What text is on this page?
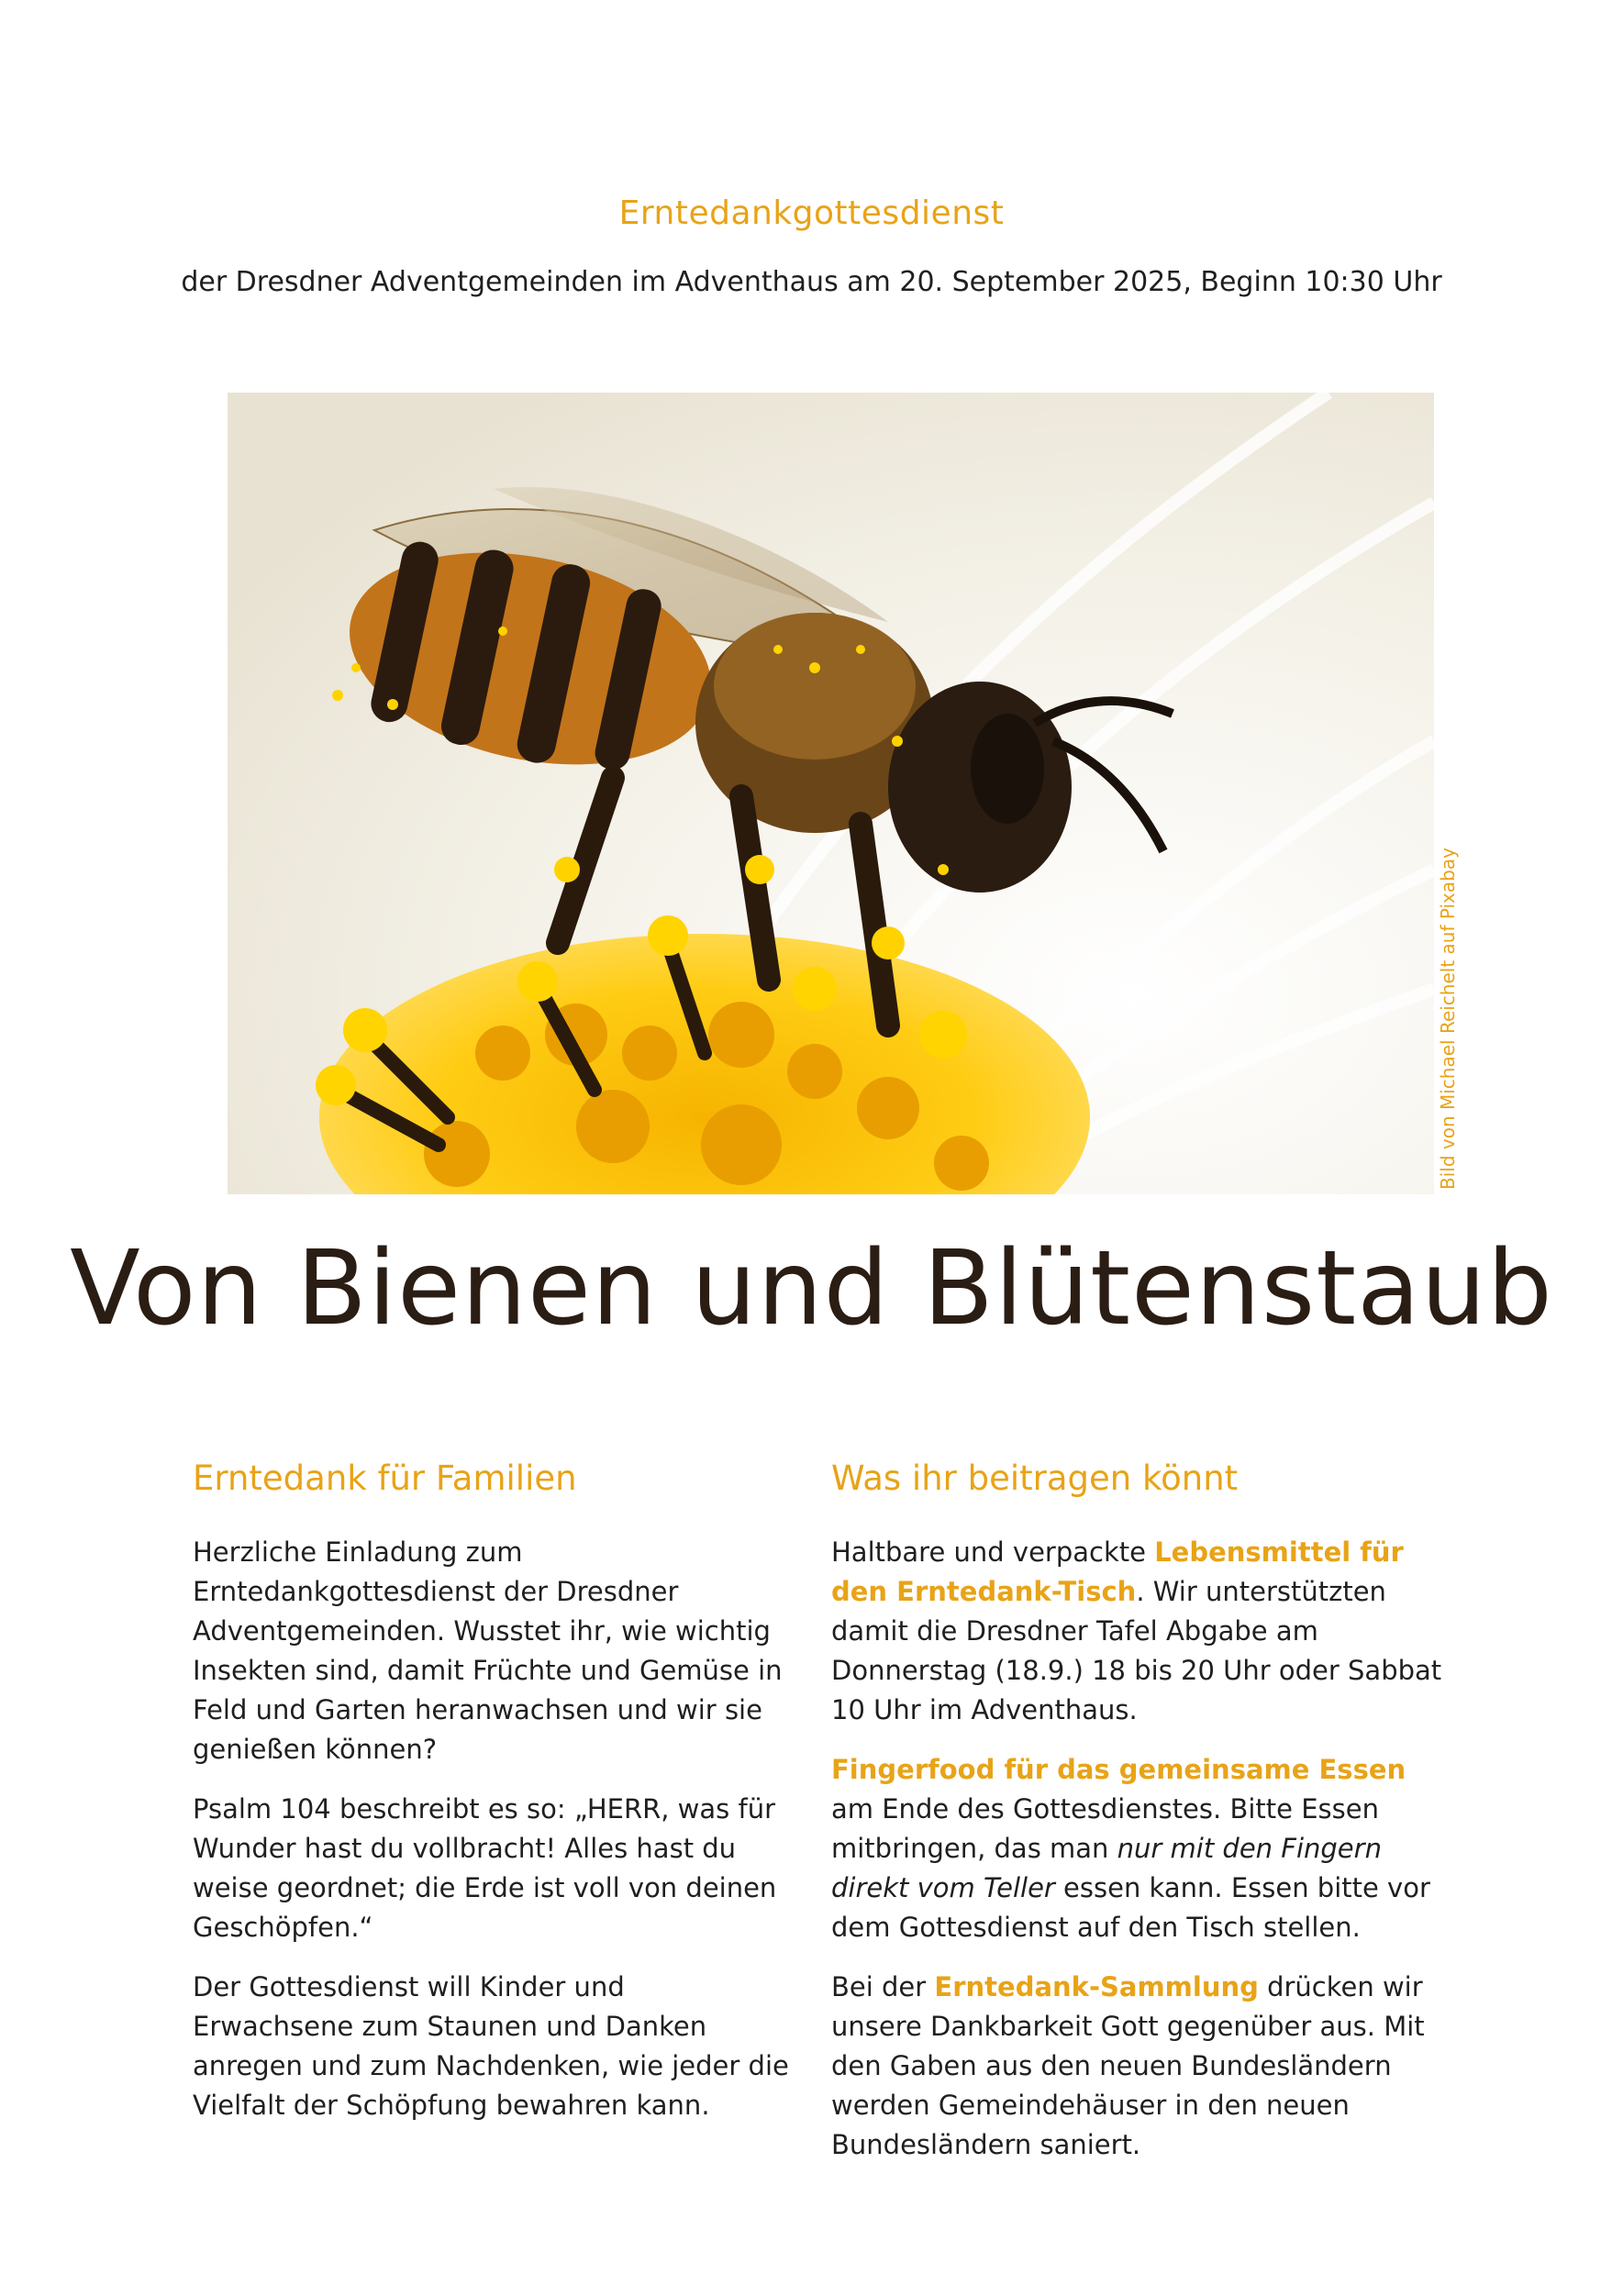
Erntedankgottesdienst
der Dresdner Adventgemeinden im Adventhaus am 20. September 2025, Beginn 10:30 Uhr
Bild von Michael Reichelt auf Pixabay
Von Bienen und Blütenstaub
Erntedank für Familien

Herzliche Einladung zum Erntedankgottesdienst der Dresdner Adventgemeinden. Wusstet ihr, wie wichtig Insekten sind, damit Früchte und Gemüse in Feld und Garten heranwachsen und wir sie genießen können?

Psalm 104 beschreibt es so: „HERR, was für Wunder hast du vollbracht! Alles hast du weise geordnet; die Erde ist voll von deinen Geschöpfen.“

Der Gottesdienst will Kinder und Erwachsene zum Staunen und Danken anregen und zum Nachdenken, wie jeder die Vielfalt der Schöpfung bewahren kann.

Was ihr beitragen könnt

Haltbare und verpackte Lebensmittel für den Erntedank-Tisch. Wir unterstützten damit die Dresdner Tafel Abgabe am Donnerstag (18.9.) 18 bis 20 Uhr oder Sabbat 10 Uhr im Adventhaus.

Fingerfood für das gemeinsame Essen am Ende des Gottesdienstes. Bitte Essen mitbringen, das man nur mit den Fingern direkt vom Teller essen kann. Essen bitte vor dem Gottesdienst auf den Tisch stellen.

Bei der Erntedank-Sammlung drücken wir unsere Dankbarkeit Gott gegenüber aus. Mit den Gaben aus den neuen Bundesländern werden Gemeindehäuser in den neuen Bundesländern saniert.
